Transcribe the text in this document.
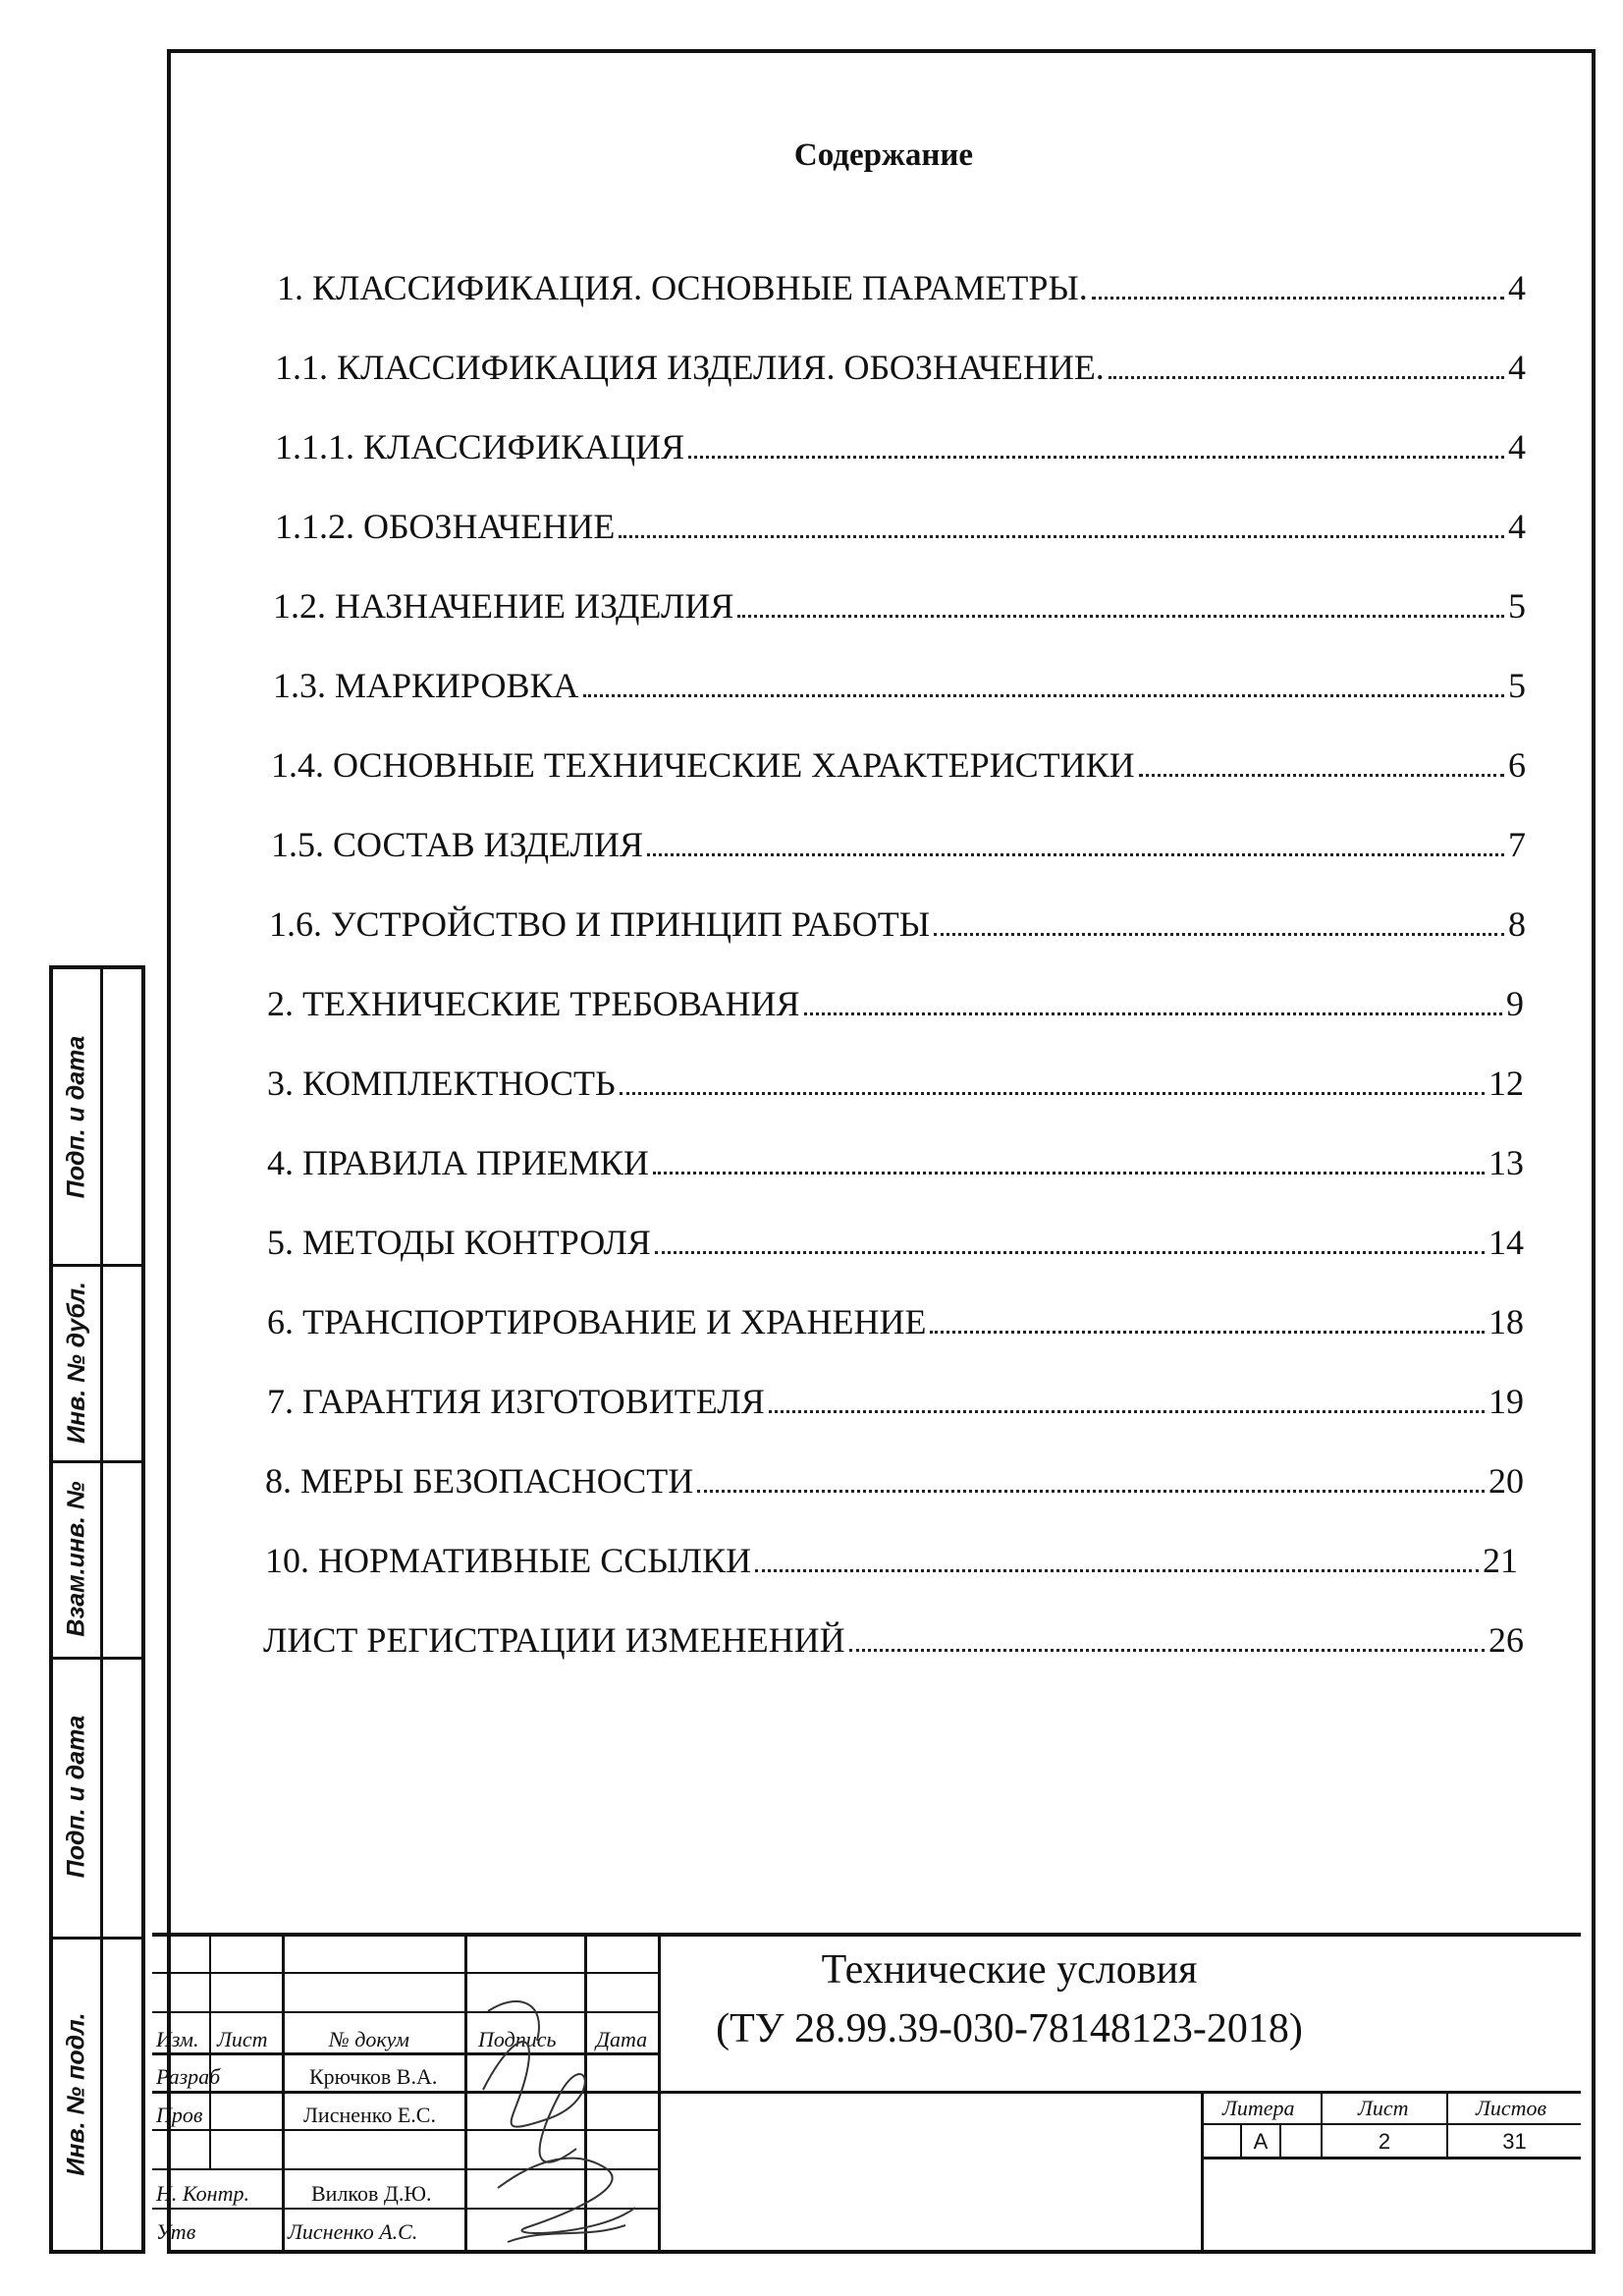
Содержание
1. КЛАССИФИКАЦИЯ. ОСНОВНЫЕ ПАРАМЕТРЫ.	4
1.1. КЛАССИФИКАЦИЯ ИЗДЕЛИЯ. ОБОЗНАЧЕНИЕ.	4
1.1.1. КЛАССИФИКАЦИЯ	4
1.1.2. ОБОЗНАЧЕНИЕ	4
1.2. НАЗНАЧЕНИЕ ИЗДЕЛИЯ	5
1.3. МАРКИРОВКА	5
1.4. ОСНОВНЫЕ ТЕХНИЧЕСКИЕ ХАРАКТЕРИСТИКИ	6
1.5. СОСТАВ ИЗДЕЛИЯ	7
1.6. УСТРОЙСТВО И ПРИНЦИП РАБОТЫ	8
2. ТЕХНИЧЕСКИЕ ТРЕБОВАНИЯ	9
3. КОМПЛЕКТНОСТЬ	12
4. ПРАВИЛА ПРИЕМКИ	13
5. МЕТОДЫ КОНТРОЛЯ	14
6. ТРАНСПОРТИРОВАНИЕ И ХРАНЕНИЕ	18
7. ГАРАНТИЯ ИЗГОТОВИТЕЛЯ	19
8. МЕРЫ БЕЗОПАСНОСТИ	20
10. НОРМАТИВНЫЕ ССЫЛКИ	21
ЛИСТ РЕГИСТРАЦИИ ИЗМЕНЕНИЙ	26
Подп. и дата
Инв. № дубл.
Взам.инв. №
Подп. и дата
Инв. № подл.	Изм. Лист	№ докум	Подпись Дата
Разраб	Крючков В.А.
Пров	Лисненко Е.С.
Н. Контр.	Вилков Д.Ю.
Утв	Лисненко А.С.
Технические условия
(ТУ 28.99.39-030-78148123-2018)
Литера	Лист	Листов
А	2	31
